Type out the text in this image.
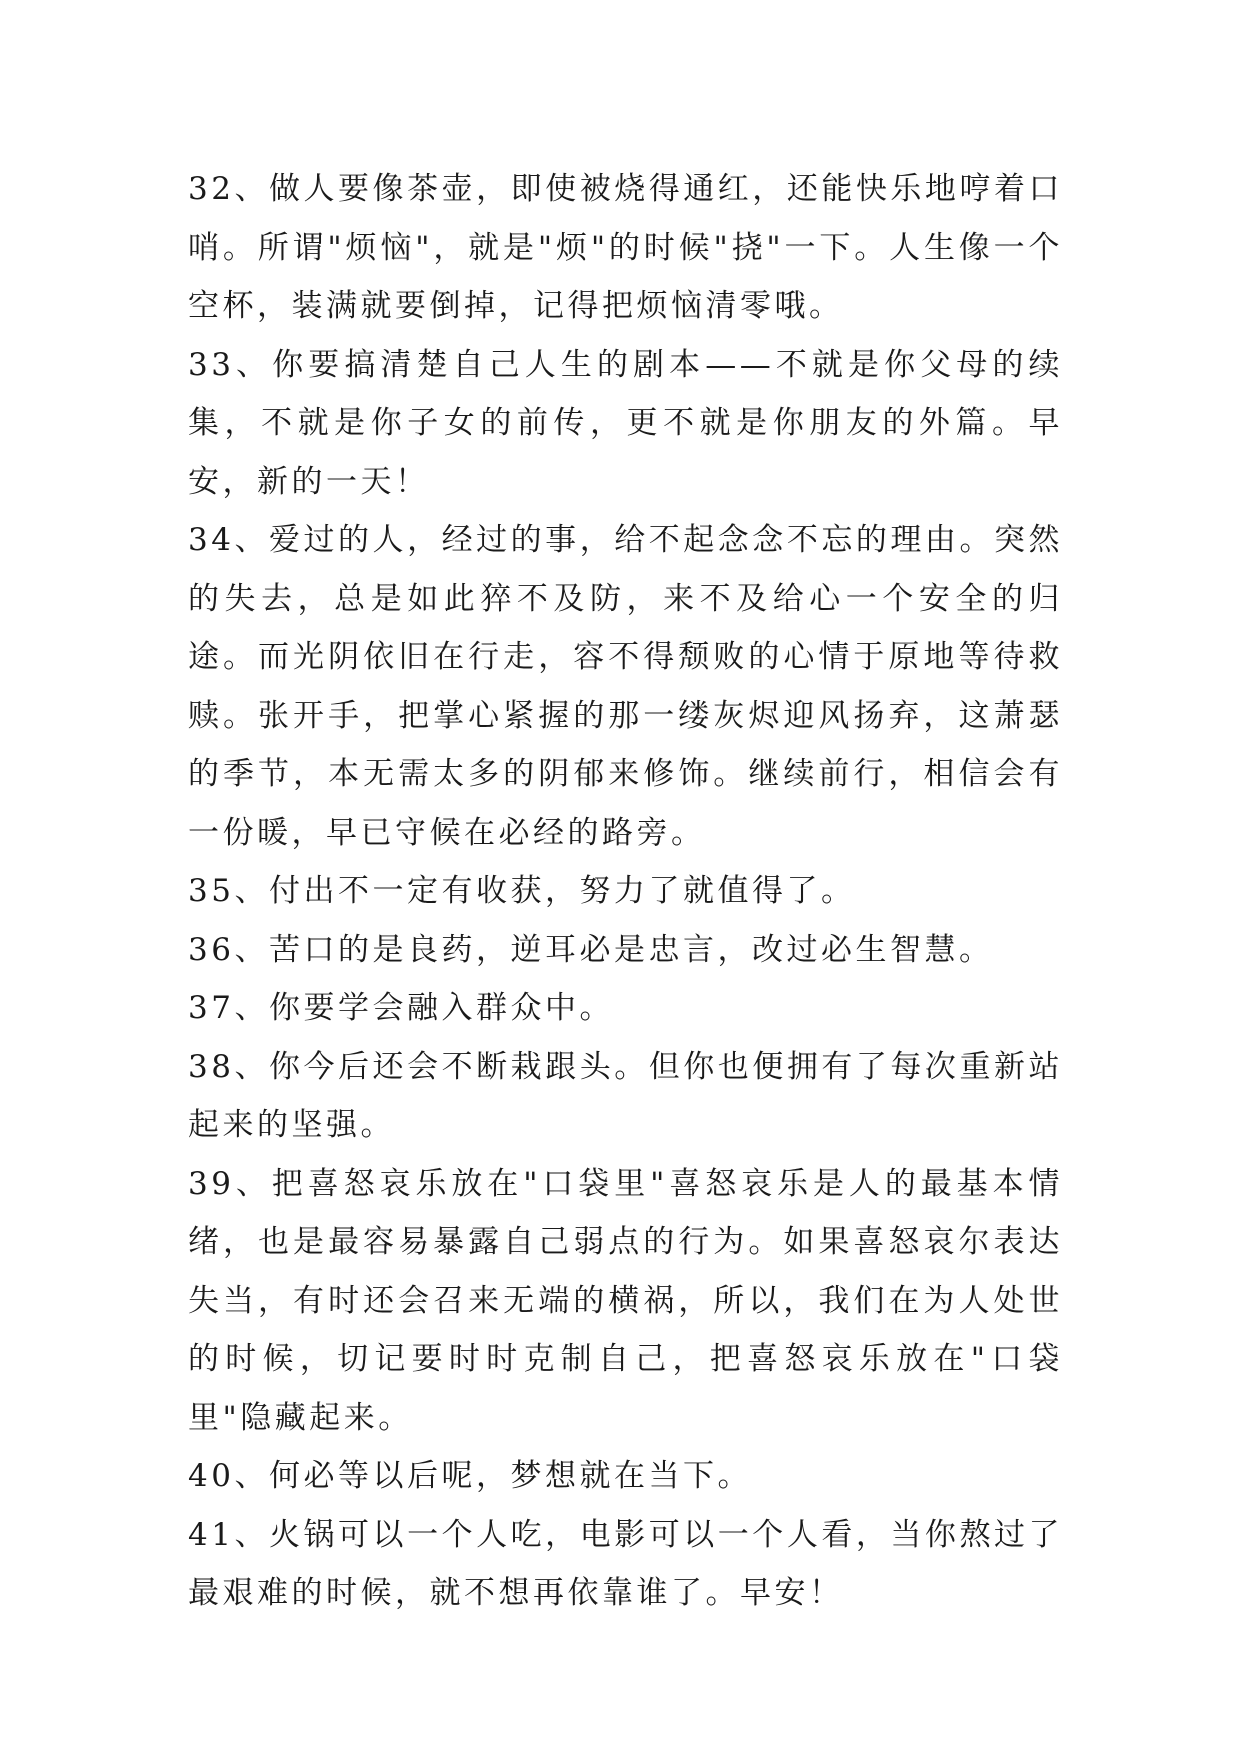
32、做人要像茶壶，即使被烧得通红，还能快乐地哼着口哨。所谓"烦恼"，就是"烦"的时候"挠"一下。人生像一个空杯，装满就要倒掉，记得把烦恼清零哦。

33、你要搞清楚自己人生的剧本——不就是你父母的续集，不就是你子女的前传，更不就是你朋友的外篇。早安，新的一天！

34、爱过的人，经过的事，给不起念念不忘的理由。突然的失去，总是如此猝不及防，来不及给心一个安全的归途。而光阴依旧在行走，容不得颓败的心情于原地等待救赎。张开手，把掌心紧握的那一缕灰烬迎风扬弃，这萧瑟的季节，本无需太多的阴郁来修饰。继续前行，相信会有一份暖，早已守候在必经的路旁。

35、付出不一定有收获，努力了就值得了。

36、苦口的是良药，逆耳必是忠言，改过必生智慧。

37、你要学会融入群众中。

38、你今后还会不断栽跟头。但你也便拥有了每次重新站起来的坚强。

39、把喜怒哀乐放在"口袋里"喜怒哀乐是人的最基本情绪，也是最容易暴露自己弱点的行为。如果喜怒哀尔表达失当，有时还会召来无端的横祸，所以，我们在为人处世的时候，切记要时时克制自己，把喜怒哀乐放在"口袋里"隐藏起来。

40、何必等以后呢，梦想就在当下。

41、火锅可以一个人吃，电影可以一个人看，当你熬过了最艰难的时候，就不想再依靠谁了。早安！
